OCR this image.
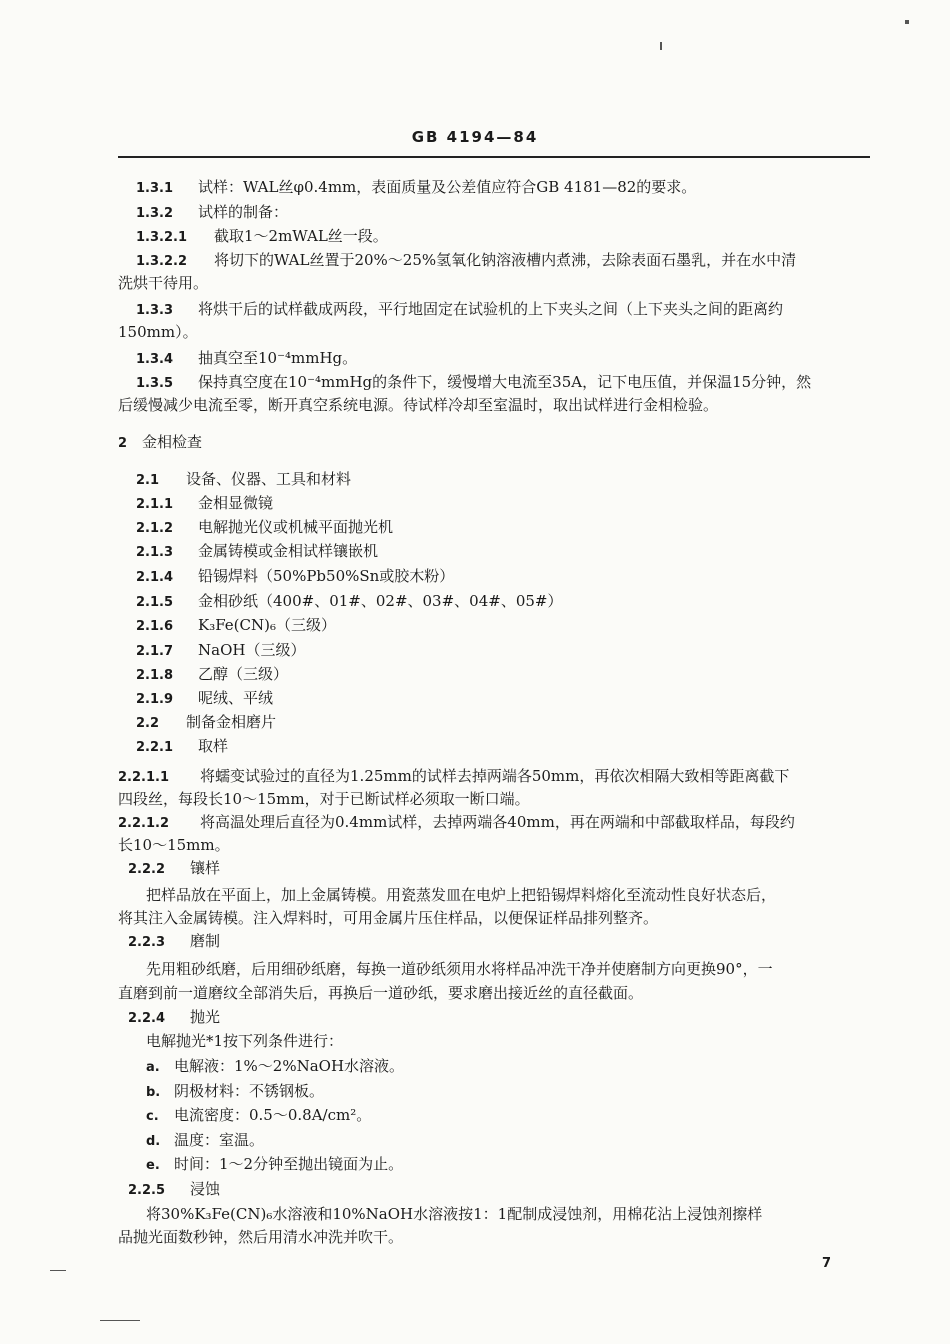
GB 4194—84
1.3.1 试样：WAL丝φ0.4mm，表面质量及公差值应符合GB 4181—82的要求。
1.3.2 试样的制备：
1.3.2.1 截取1～2mWAL丝一段。
1.3.2.2 将切下的WAL丝置于20%～25%氢氧化钠溶液槽内煮沸，去除表面石墨乳，并在水中清
洗烘干待用。
1.3.3 将烘干后的试样截成两段，平行地固定在试验机的上下夹头之间（上下夹头之间的距离约
150mm）。
1.3.4 抽真空至10⁻⁴mmHg。
1.3.5 保持真空度在10⁻⁴mmHg的条件下，缓慢增大电流至35A，记下电压值，并保温15分钟，然
后缓慢减少电流至零，断开真空系统电源。待试样冷却至室温时，取出试样进行金相检验。
2 金相检查
2.1 设备、仪器、工具和材料
2.1.1 金相显微镜
2.1.2 电解抛光仪或机械平面抛光机
2.1.3 金属铸模或金相试样镶嵌机
2.1.4 铅锡焊料（50%Pb50%Sn或胶木粉）
2.1.5 金相砂纸（400#、01#、02#、03#、04#、05#）
2.1.6 K₃Fe(CN)₆（三级）
2.1.7 NaOH（三级）
2.1.8 乙醇（三级）
2.1.9 呢绒、平绒
2.2 制备金相磨片
2.2.1 取样
2.2.1.1 将蠕变试验过的直径为1.25mm的试样去掉两端各50mm，再依次相隔大致相等距离截下
四段丝，每段长10～15mm，对于已断试样必须取一断口端。
2.2.1.2 将高温处理后直径为0.4mm试样，去掉两端各40mm，再在两端和中部截取样品，每段约
长10～15mm。
2.2.2 镶样
把样品放在平面上，加上金属铸模。用瓷蒸发皿在电炉上把铅锡焊料熔化至流动性良好状态后，
将其注入金属铸模。注入焊料时，可用金属片压住样品，以便保证样品排列整齐。
2.2.3 磨制
先用粗砂纸磨，后用细砂纸磨，每换一道砂纸须用水将样品冲洗干净并使磨制方向更换90°，一
直磨到前一道磨纹全部消失后，再换后一道砂纸，要求磨出接近丝的直径截面。
2.2.4 抛光
电解抛光*1按下列条件进行：
a. 电解液：1%～2%NaOH水溶液。
b. 阴极材料：不锈钢板。
c. 电流密度：0.5～0.8A/cm²。
d. 温度：室温。
e. 时间：1～2分钟至抛出镜面为止。
2.2.5 浸蚀
将30%K₃Fe(CN)₆水溶液和10%NaOH水溶液按1：1配制成浸蚀剂，用棉花沾上浸蚀剂擦样
品抛光面数秒钟，然后用清水冲洗并吹干。
7
